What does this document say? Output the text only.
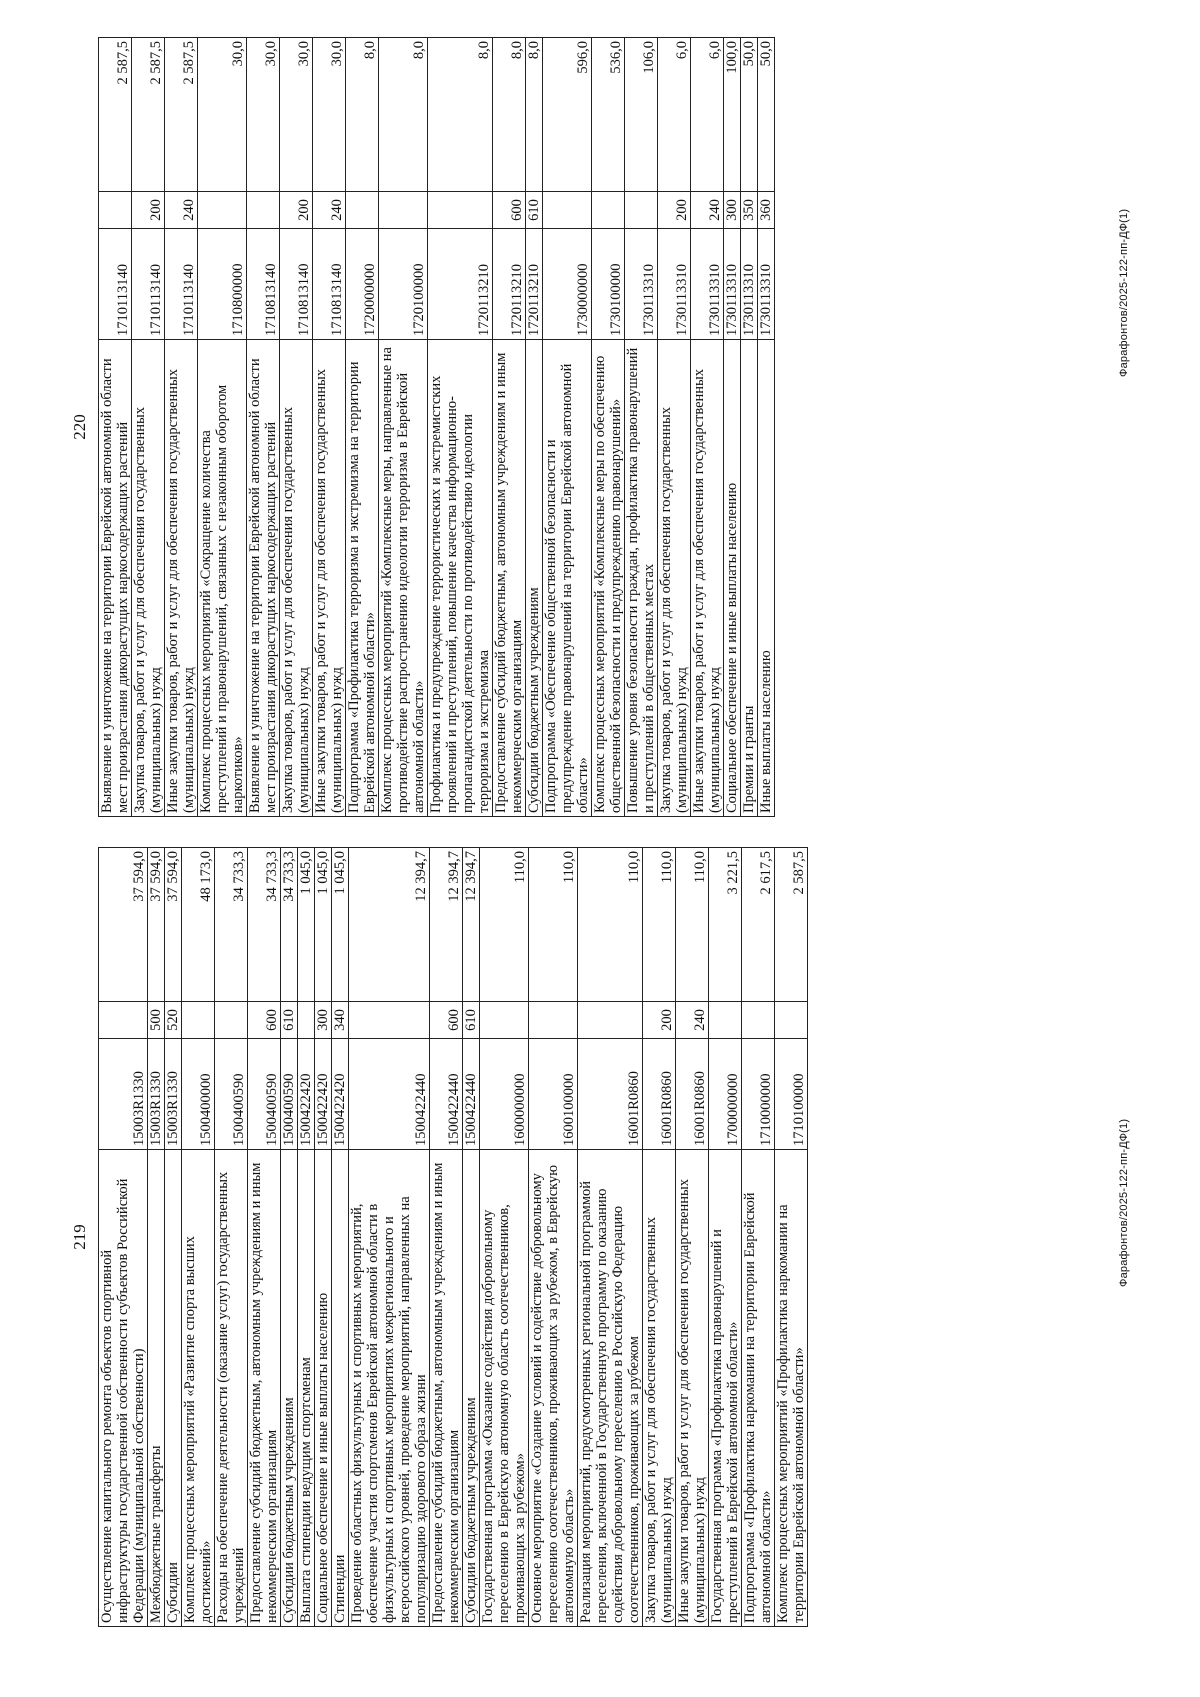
219
Осуществление капитального ремонта объектов спортивной инфраструктуры государственной собственности субъектов Российской Федерации (муниципальной собственности)	15003R1330		37 594,0
Межбюджетные трансферты	15003R1330	500	37 594,0
Субсидии	15003R1330	520	37 594,0
Комплекс процессных мероприятий «Развитие спорта высших достижений»	1500400000		48 173,0
Расходы на обеспечение деятельности (оказание услуг) государственных учреждений	1500400590		34 733,3
Предоставление субсидий бюджетным, автономным учреждениям и иным некоммерческим организациям	1500400590	600	34 733,3
Субсидии бюджетным учреждениям	1500400590	610	34 733,3
Выплата стипендии ведущим спортсменам	1500422420		1 045,0
Социальное обеспечение и иные выплаты населению	1500422420	300	1 045,0
Стипендии	1500422420	340	1 045,0
Проведение областных физкультурных и спортивных мероприятий, обеспечение участия спортсменов Еврейской автономной области в физкультурных и спортивных мероприятиях межрегионального и всероссийского уровней, проведение мероприятий, направленных на популяризацию здорового образа жизни	1500422440		12 394,7
Предоставление субсидий бюджетным, автономным учреждениям и иным некоммерческим организациям	1500422440	600	12 394,7
Субсидии бюджетным учреждениям	1500422440	610	12 394,7
Государственная программа «Оказание содействия добровольному переселению в Еврейскую автономную область соотечественников, проживающих за рубежом»	1600000000		110,0
Основное мероприятие «Создание условий и содействие добровольному переселению соотечественников, проживающих за рубежом, в Еврейскую автономную область»	1600100000		110,0
Реализация мероприятий, предусмотренных региональной программой переселения, включенной в Государственную программу по оказанию содействия добровольному переселению в Российскую Федерацию соотечественников, проживающих за рубежом	16001R0860		110,0
Закупка товаров, работ и услуг для обеспечения государственных (муниципальных) нужд	16001R0860	200	110,0
Иные закупки товаров, работ и услуг для обеспечения государственных (муниципальных) нужд	16001R0860	240	110,0
Государственная программа «Профилактика правонарушений и преступлений в Еврейской автономной области»	1700000000		3 221,5
Подпрограмма «Профилактика наркомании на территории Еврейской автономной области»	1710000000		2 617,5
Комплекс процессных мероприятий «Профилактика наркомании на территории Еврейской автономной области»	1710100000		2 587,5
220 Выявление и уничтожение на территории Еврейской автономной области мест произрастания дикорастущих наркосодержащих растений	1710113140		2 587,5
Закупка товаров, работ и услуг для обеспечения государственных (муниципальных) нужд	1710113140	200	2 587,5
Иные закупки товаров, работ и услуг для обеспечения государственных (муниципальных) нужд	1710113140	240	2 587,5
Комплекс процессных мероприятий «Сокращение количества преступлений и правонарушений, связанных с незаконным оборотом наркотиков»	1710800000		30,0
Выявление и уничтожение на территории Еврейской автономной области мест произрастания дикорастущих наркосодержащих растений	1710813140		30,0
Закупка товаров, работ и услуг для обеспечения государственных (муниципальных) нужд	1710813140	200	30,0
Иные закупки товаров, работ и услуг для обеспечения государственных (муниципальных) нужд	1710813140	240	30,0
Подпрограмма «Профилактика терроризма и экстремизма на территории Еврейской автономной области»	1720000000		8,0
Комплекс процессных мероприятий «Комплексные меры, направленные на противодействие распространению идеологии терроризма в Еврейской автономной области»	1720100000		8,0
Профилактика и предупреждение террористических и экстремистских проявлений и преступлений, повышение качества информационно-пропагандистской деятельности по противодействию идеологии терроризма и экстремизма	1720113210		8,0
Предоставление субсидий бюджетным, автономным учреждениям и иным некоммерческим организациям	1720113210	600	8,0
Субсидии бюджетным учреждениям	1720113210	610	8,0
Подпрограмма «Обеспечение общественной безопасности и предупреждение правонарушений на территории Еврейской автономной области»	1730000000		596,0
Комплекс процессных мероприятий «Комплексные меры по обеспечению общественной безопасности и предупреждению правонарушений»	1730100000		536,0
Повышение уровня безопасности граждан, профилактика правонарушений и преступлений в общественных местах	1730113310		106,0
Закупка товаров, работ и услуг для обеспечения государственных (муниципальных) нужд	1730113310	200	6,0
Иные закупки товаров, работ и услуг для обеспечения государственных (муниципальных) нужд	1730113310	240	6,0
Социальное обеспечение и иные выплаты населению	1730113310	300	100,0
Премии и гранты	1730113310	350	50,0
Иные выплаты населению	1730113310	360	50,0
Фарафонтов/2025-122-пп-ДФ(1)
Фарафонтов/2025-122-пп-ДФ(1)
